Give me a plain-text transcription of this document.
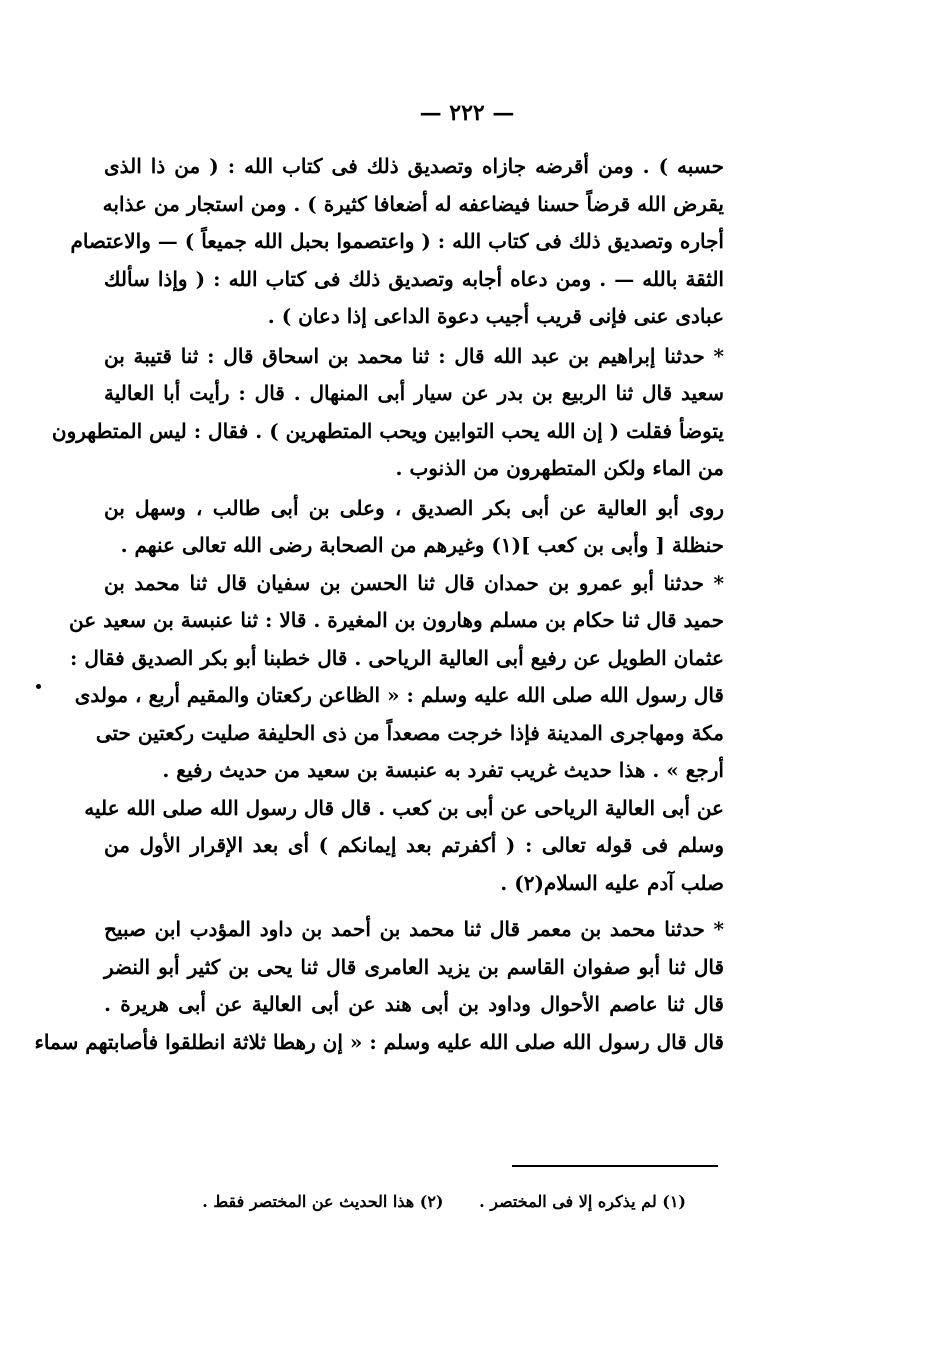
— ٢٢٢ —
حسبه ) . ومن أقرضه جازاه وتصديق ذلك فى كتاب الله : ( من ذا الذى
يقرض الله قرضاً حسنا فيضاعفه له أضعافا كثيرة ) . ومن استجار من عذابه
أجاره وتصديق ذلك فى كتاب الله : ( واعتصموا بحبل الله جميعاً ) — والاعتصام
الثقة بالله — . ومن دعاه أجابه وتصديق ذلك فى كتاب الله : ( وإذا سألك
عبادى عنى فإنى قريب أجيب دعوة الداعى إذا دعان ) .
* حدثنا إبراهيم بن عبد الله قال : ثنا محمد بن اسحاق قال : ثنا قتيبة بن
سعيد قال ثنا الربيع بن بدر عن سيار أبى المنهال . قال : رأيت أبا العالية
يتوضأ فقلت ( إن الله يحب التوابين ويحب المتطهرين ) . فقال : ليس المتطهرون
من الماء ولكن المتطهرون من الذنوب .
روى أبو العالية عن أبى بكر الصديق ، وعلى بن أبى طالب ، وسهل بن
حنظلة [ وأبى بن كعب ](١) وغيرهم من الصحابة رضى الله تعالى عنهم .
* حدثنا أبو عمرو بن حمدان قال ثنا الحسن بن سفيان قال ثنا محمد بن
حميد قال ثنا حكام بن مسلم وهارون بن المغيرة . قالا : ثنا عنبسة بن سعيد عن
عثمان الطويل عن رفيع أبى العالية الرياحى . قال خطبنا أبو بكر الصديق فقال :
قال رسول الله صلى الله عليه وسلم : « الظاعن ركعتان والمقيم أربع ، مولدى
مكة ومهاجرى المدينة فإذا خرجت مصعداً من ذى الحليفة صليت ركعتين حتى
أرجع » . هذا حديث غريب تفرد به عنبسة بن سعيد من حديث رفيع .
عن أبى العالية الرياحى عن أبى بن كعب . قال قال رسول الله صلى الله عليه
وسلم فى قوله تعالى : ( أكفرتم بعد إيمانكم ) أى بعد الإقرار الأول من
صلب آدم عليه السلام(٢) .
* حدثنا محمد بن معمر قال ثنا محمد بن أحمد بن داود المؤدب ابن صبيح
قال ثنا أبو صفوان القاسم بن يزيد العامرى قال ثنا يحى بن كثير أبو النضر
قال ثنا عاصم الأحوال وداود بن أبى هند عن أبى العالية عن أبى هريرة .
قال قال رسول الله صلى الله عليه وسلم : « إن رهطا ثلاثة انطلقوا فأصابتهم سماء
(١) لم يذكره إلا فى المختصر . (٢) هذا الحديث عن المختصر فقط .
